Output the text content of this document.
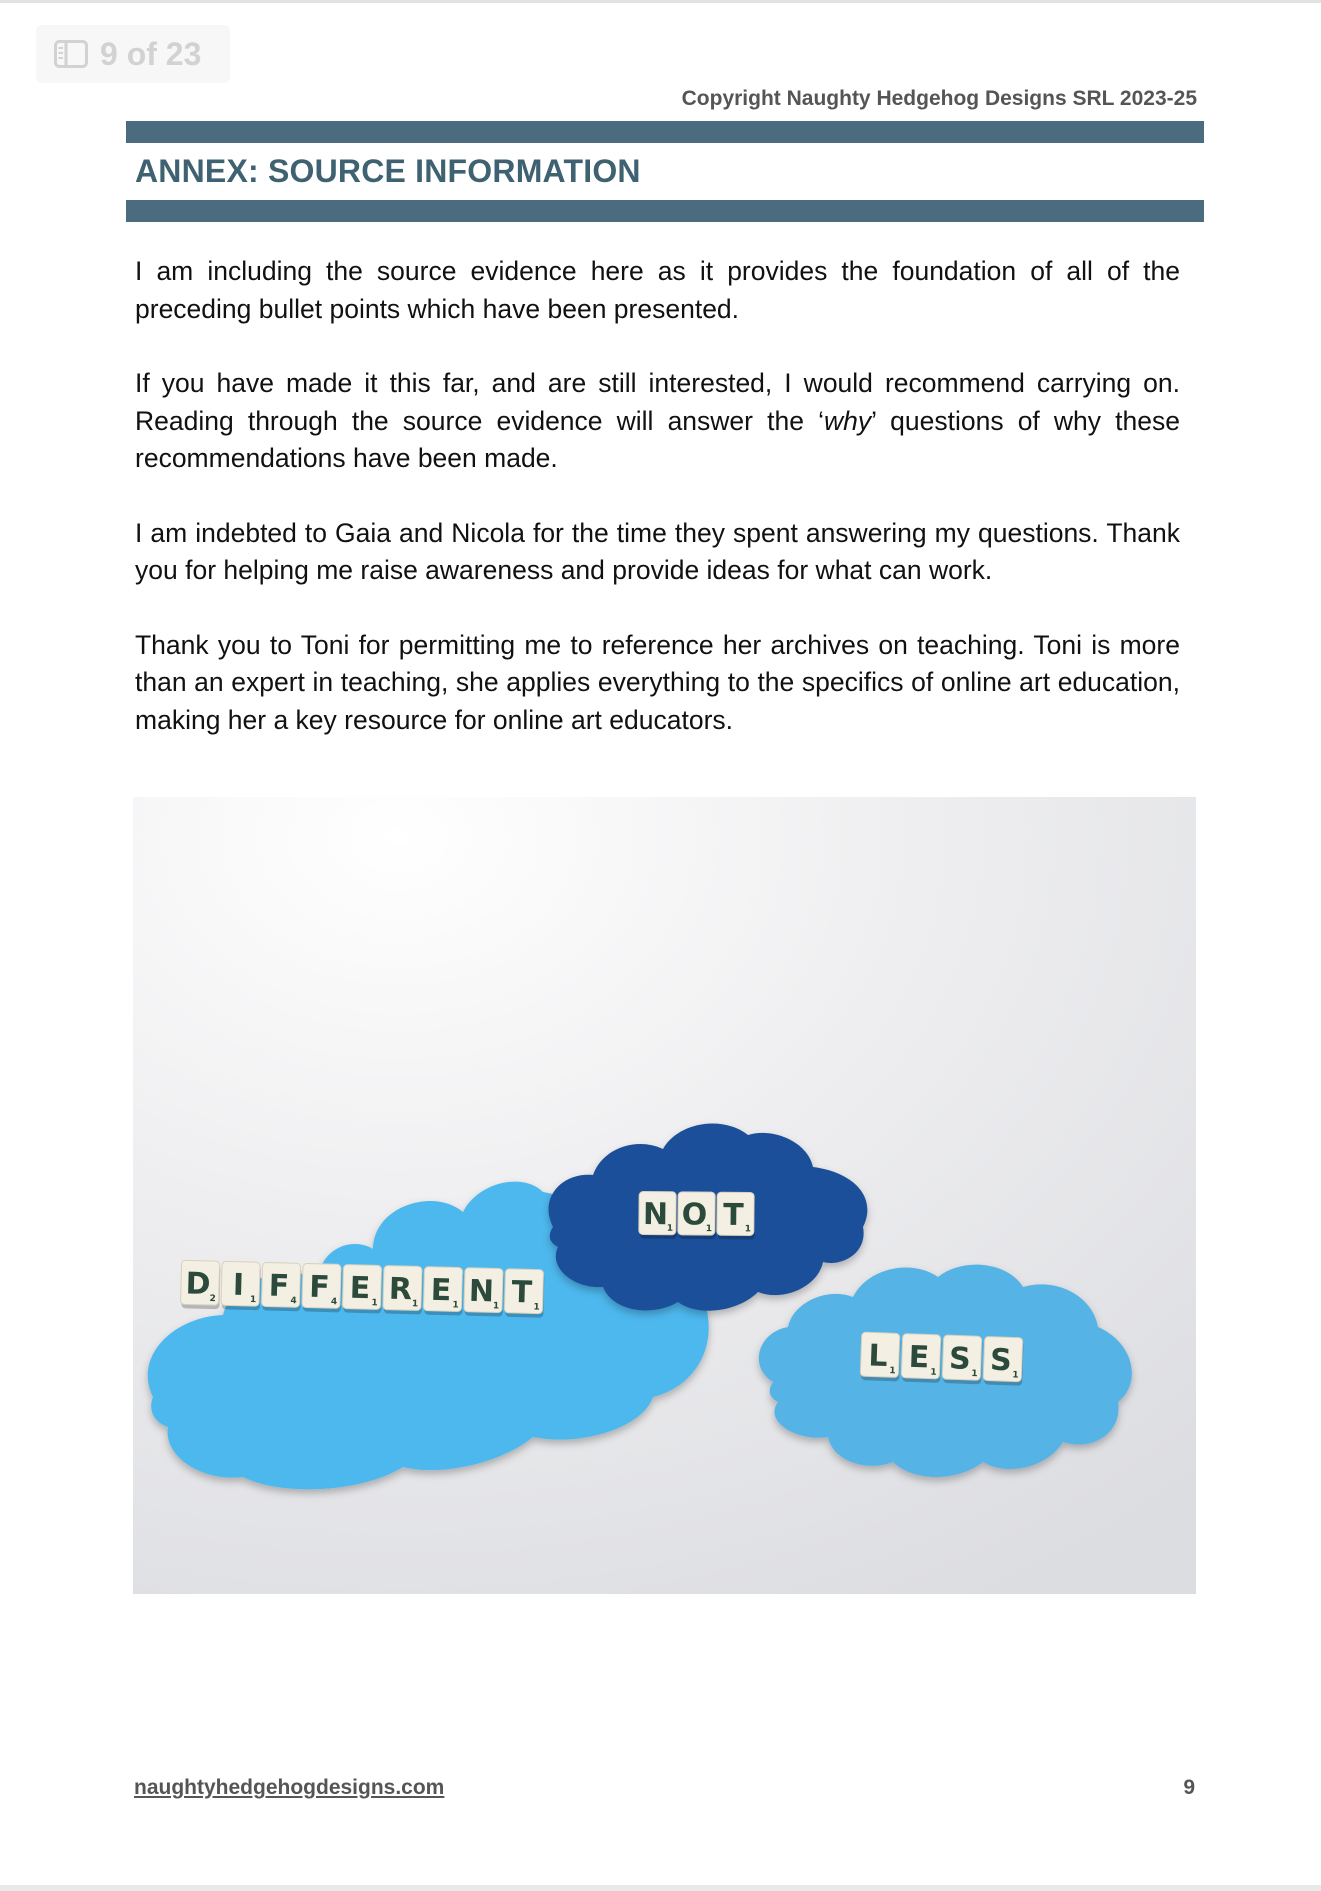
9 of 23
Copyright Naughty Hedgehog Designs SRL 2023-25
ANNEX: SOURCE INFORMATION

I am including the source evidence here as it provides the foundation of all of the preceding bullet points which have been presented.

If you have made it this far, and are still interested, I would recommend carrying on. Reading through the source evidence will answer the ‘why’ questions of why these recommendations have been made.

I am indebted to Gaia and Nicola for the time they spent answering my questions. Thank you for helping me raise awareness and provide ideas for what can work.

Thank you to Toni for permitting me to reference her archives on teaching. Toni is more than an expert in teaching, she applies everything to the specifics of online art education, making her a key resource for online art educators.

D
2 I 1 F 4 F 4 E 1 R 1 E 1 N
1 T 1
N
1 O
1 T 1
L 1 E 1 S 1 S 1
naughtyhedgehogdesigns.com	9
